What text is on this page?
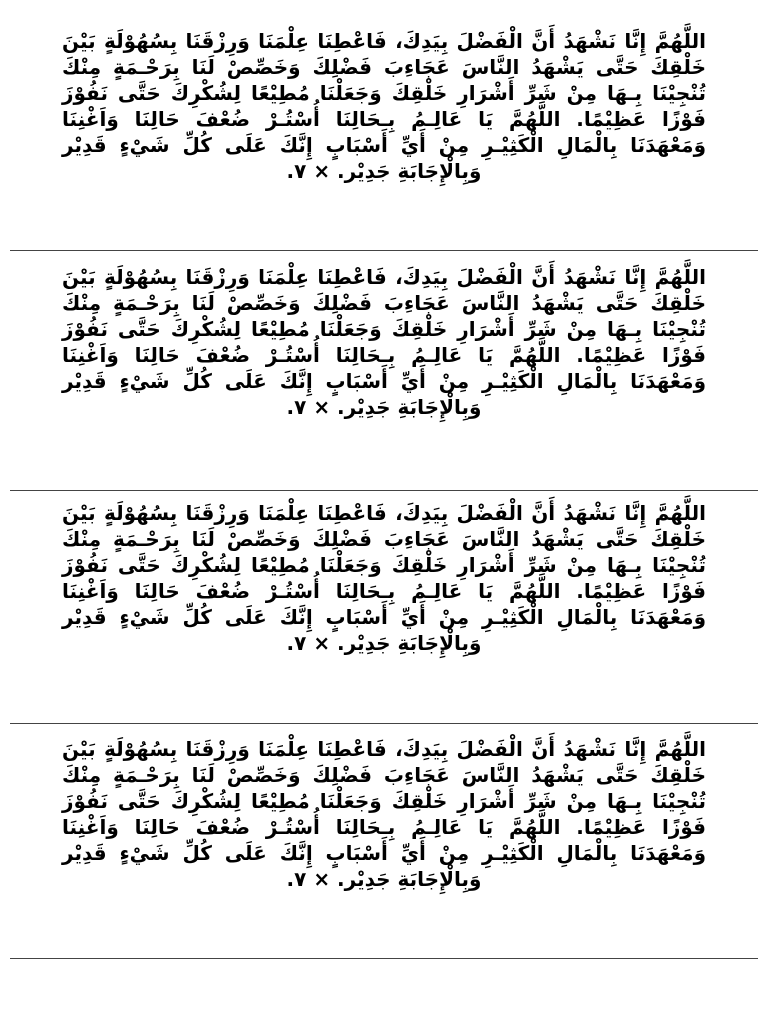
اللَّهُمَّ إِنَّا نَشْهَدُ أَنَّ الْفَضْلَ بِيَدِكَ، فَاعْطِنَا عِلْمَنَا وَرِزْقَنَا بِسُهُوْلَةٍ بَيْنَ خَلْقِكَ حَتَّى يَشْهَدُ النَّاسَ عَجَاءِبَ فَضْلِكَ وَخَصِّصْ لَنَا بِرَحْـمَةٍ مِنْكَ تُنْجِيْنَا بِـهَا مِنْ شَرِّ أَشْرَارِ خَلْقِكَ وَجَعَلْنَا مُطِيْعًا لِشُكْرِكَ حَتَّى نَفُوْزَ فَوْزًا عَظِيْمًا. اللَّهُمَّ يَا عَالِـمُ بِـحَالِنَا أُسْتُـرْ ضُعْفَ حَالِنَا وَاَغْنِنَا وَمَعْهَدَنَا بِالْمَالِ الْكَثِيْـرِ مِنْ أَيِّ أَسْبَابٍ إِنَّكَ عَلَى كُلِّ شَيْءٍ قَدِيْر وَبِالْإِجَابَةِ جَدِيْر. × ٧.

اللَّهُمَّ إِنَّا نَشْهَدُ أَنَّ الْفَضْلَ بِيَدِكَ، فَاعْطِنَا عِلْمَنَا وَرِزْقَنَا بِسُهُوْلَةٍ بَيْنَ خَلْقِكَ حَتَّى يَشْهَدُ النَّاسَ عَجَاءِبَ فَضْلِكَ وَخَصِّصْ لَنَا بِرَحْـمَةٍ مِنْكَ تُنْجِيْنَا بِـهَا مِنْ شَرِّ أَشْرَارِ خَلْقِكَ وَجَعَلْنَا مُطِيْعًا لِشُكْرِكَ حَتَّى نَفُوْزَ فَوْزًا عَظِيْمًا. اللَّهُمَّ يَا عَالِـمُ بِـحَالِنَا أُسْتُـرْ ضُعْفَ حَالِنَا وَاَغْنِنَا وَمَعْهَدَنَا بِالْمَالِ الْكَثِيْـرِ مِنْ أَيِّ أَسْبَابٍ إِنَّكَ عَلَى كُلِّ شَيْءٍ قَدِيْر وَبِالْإِجَابَةِ جَدِيْر. × ٧.

اللَّهُمَّ إِنَّا نَشْهَدُ أَنَّ الْفَضْلَ بِيَدِكَ، فَاعْطِنَا عِلْمَنَا وَرِزْقَنَا بِسُهُوْلَةٍ بَيْنَ خَلْقِكَ حَتَّى يَشْهَدُ النَّاسَ عَجَاءِبَ فَضْلِكَ وَخَصِّصْ لَنَا بِرَحْـمَةٍ مِنْكَ تُنْجِيْنَا بِـهَا مِنْ شَرِّ أَشْرَارِ خَلْقِكَ وَجَعَلْنَا مُطِيْعًا لِشُكْرِكَ حَتَّى نَفُوْزَ فَوْزًا عَظِيْمًا. اللَّهُمَّ يَا عَالِـمُ بِـحَالِنَا أُسْتُـرْ ضُعْفَ حَالِنَا وَاَغْنِنَا وَمَعْهَدَنَا بِالْمَالِ الْكَثِيْـرِ مِنْ أَيِّ أَسْبَابٍ إِنَّكَ عَلَى كُلِّ شَيْءٍ قَدِيْر وَبِالْإِجَابَةِ جَدِيْر. × ٧.

اللَّهُمَّ إِنَّا نَشْهَدُ أَنَّ الْفَضْلَ بِيَدِكَ، فَاعْطِنَا عِلْمَنَا وَرِزْقَنَا بِسُهُوْلَةٍ بَيْنَ خَلْقِكَ حَتَّى يَشْهَدُ النَّاسَ عَجَاءِبَ فَضْلِكَ وَخَصِّصْ لَنَا بِرَحْـمَةٍ مِنْكَ تُنْجِيْنَا بِـهَا مِنْ شَرِّ أَشْرَارِ خَلْقِكَ وَجَعَلْنَا مُطِيْعًا لِشُكْرِكَ حَتَّى نَفُوْزَ فَوْزًا عَظِيْمًا. اللَّهُمَّ يَا عَالِـمُ بِـحَالِنَا أُسْتُـرْ ضُعْفَ حَالِنَا وَاَغْنِنَا وَمَعْهَدَنَا بِالْمَالِ الْكَثِيْـرِ مِنْ أَيِّ أَسْبَابٍ إِنَّكَ عَلَى كُلِّ شَيْءٍ قَدِيْر وَبِالْإِجَابَةِ جَدِيْر. × ٧.
